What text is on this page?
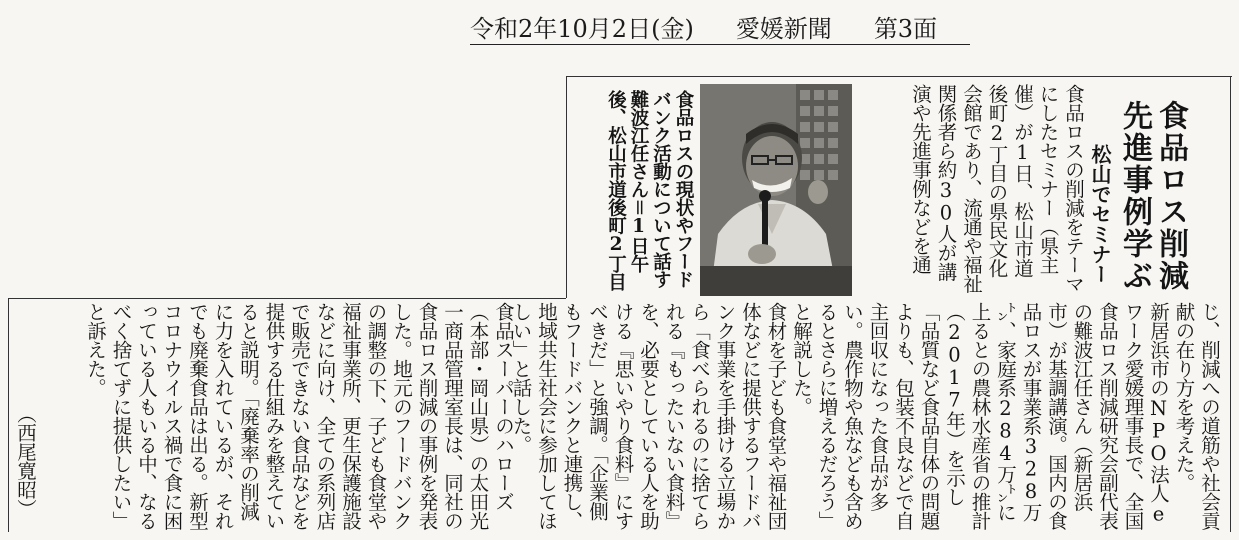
令和2年10月2日(金) 愛媛新聞 第3面
食品ロス削減
先進事例学ぶ
松山でセミナー
食品ロスの削減をテーマにしたセミナー（県主催）が1日、松山市道後町2丁目の県民文化会館であり、流通や福祉関係者ら約30人が講演や先進事例などを通
食品ロスの現状やフードバンク活動について話す難波江任さん＝1日午後、松山市道後町2丁目
じ、削減への道筋や社会貢献の在り方を考えた。
新居浜市のNPO法人eワーク愛媛理事長で、全国食品ロス削減研究会副代表の難波江任さん（新居浜市）が基調講演。国内の食品ロスが事業系328万㌧、家庭系284万㌧に上るとの農林水産省の推計（2017年）を示し「品質など食品自体の問題よりも、包装不良などで自主回収になった食品が多い。農作物や魚なども含めるとさらに増えるだろう」と解説した。
食材を子ども食堂や福祉団体などに提供するフードバンク事業を手掛ける立場から「食べられるのに捨てられる『もったいない食料』を、必要としている人を助ける『思いやり食料』にすべきだ」と強調。「企業側もフードバンクと連携し、地域共生社会に参加してほしい」と話した。
食品スーパーのハローズ（本部・岡山県）の太田光一商品管理室長は、同社の食品ロス削減の事例を発表した。地元のフードバンクの調整の下、子ども食堂や福祉事業所、更生保護施設などに向け、全ての系列店で販売できない食品などを提供する仕組みを整えていると説明。「廃棄率の削減に力を入れているが、それでも廃棄食品は出る。新型コロナウイルス禍で食に困っている人もいる中、なるべく捨てずに提供したい」と訴えた。
（西尾寛昭）
